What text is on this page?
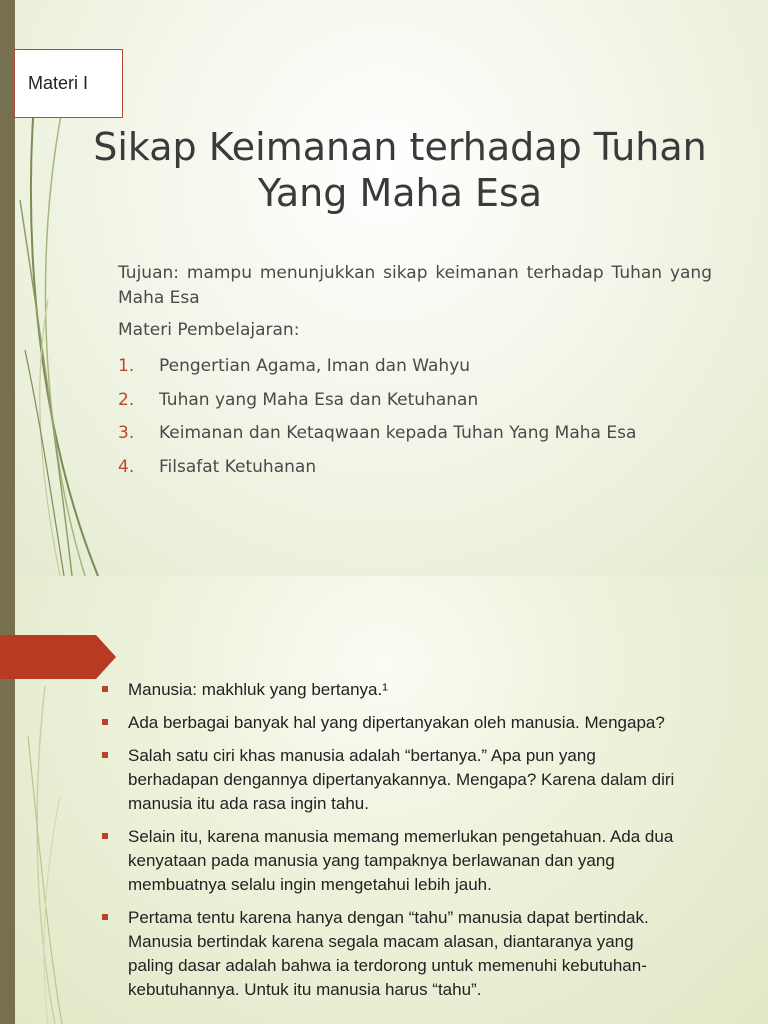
Materi I
Sikap Keimanan terhadap Tuhan
Yang Maha Esa
Tujuan: mampu menunjukkan sikap keimanan terhadap Tuhan yang Maha Esa
Materi Pembelajaran:
1. Pengertian Agama, Iman dan Wahyu
2. Tuhan yang Maha Esa dan Ketuhanan
3. Keimanan dan Ketaqwaan kepada Tuhan Yang Maha Esa
4. Filsafat Ketuhanan
Manusia: makhluk yang bertanya.¹
Ada berbagai banyak hal yang dipertanyakan oleh manusia. Mengapa?
Salah satu ciri khas manusia adalah “bertanya.” Apa pun yang berhadapan dengannya dipertanyakannya. Mengapa? Karena dalam diri manusia itu ada rasa ingin tahu.
Selain itu, karena manusia memang memerlukan pengetahuan. Ada dua kenyataan pada manusia yang tampaknya berlawanan dan yang membuatnya selalu ingin mengetahui lebih jauh.
Pertama tentu karena hanya dengan “tahu” manusia dapat bertindak. Manusia bertindak karena segala macam alasan, diantaranya yang paling dasar adalah bahwa ia terdorong untuk memenuhi kebutuhan-kebutuhannya. Untuk itu manusia harus “tahu”.
